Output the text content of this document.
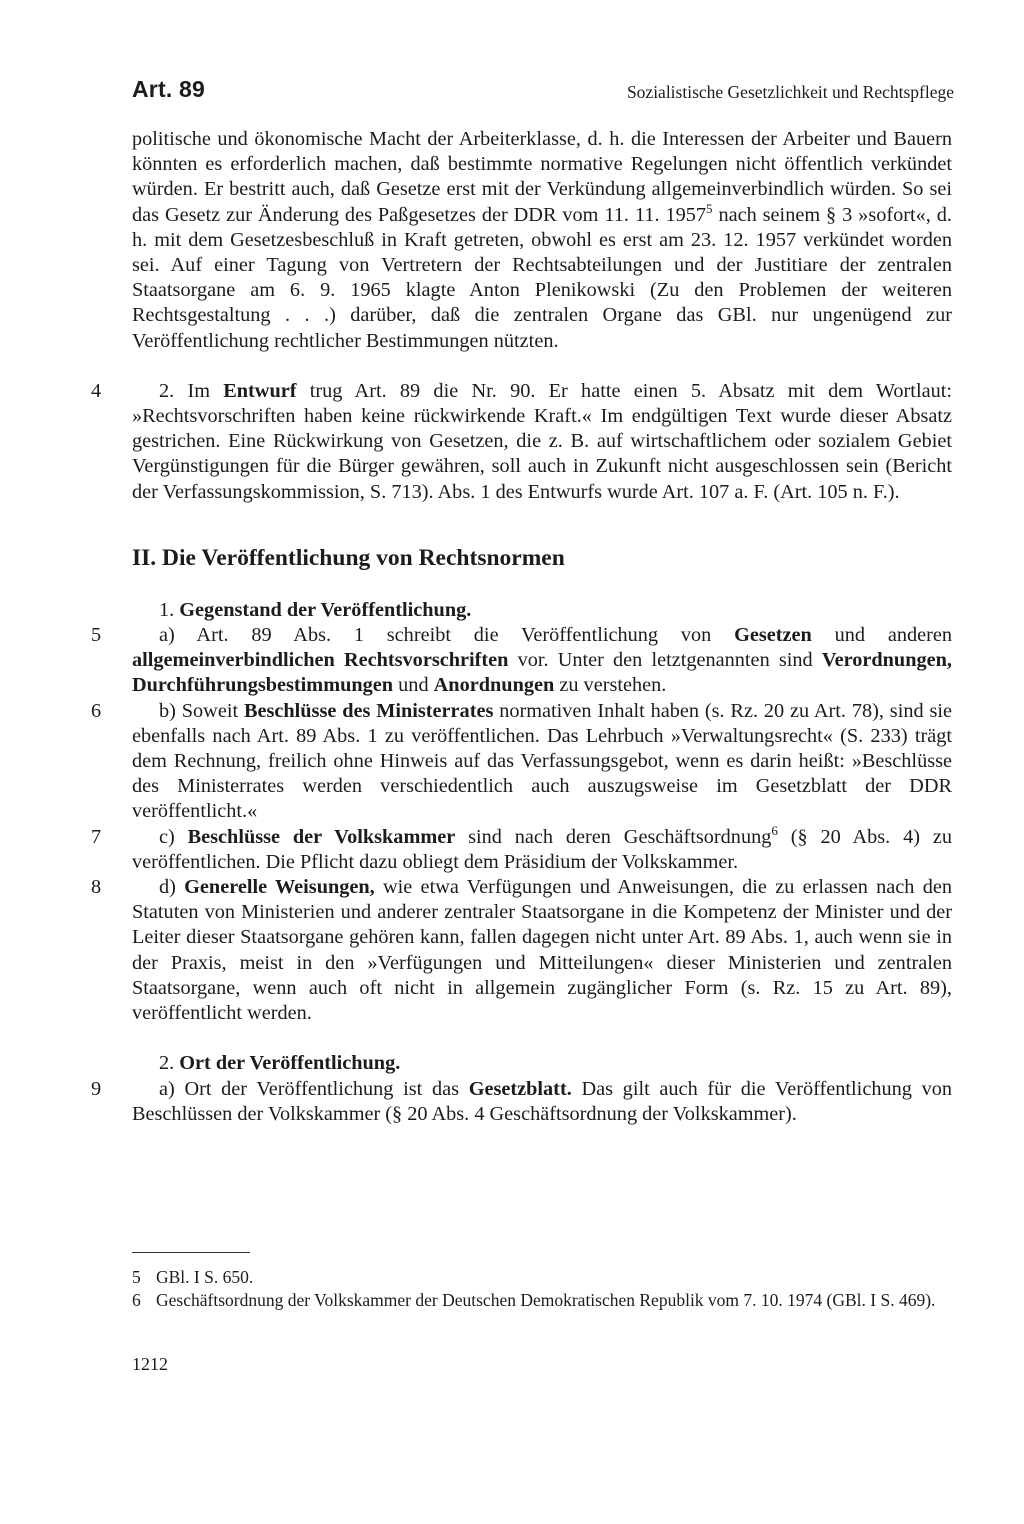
Art. 89	Sozialistische Gesetzlichkeit und Rechtspflege

politische und ökonomische Macht der Arbeiterklasse, d. h. die Interessen der Arbeiter und Bauern könnten es erforderlich machen, daß bestimmte normative Regelungen nicht öffentlich verkündet würden. Er bestritt auch, daß Gesetze erst mit der Verkündung allgemeinverbindlich würden. So sei das Gesetz zur Änderung des Paßgesetzes der DDR vom 11. 11. 1957$^5$ nach seinem § 3 »sofort«, d. h. mit dem Gesetzesbeschluß in Kraft getreten, obwohl es erst am 23. 12. 1957 verkündet worden sei. Auf einer Tagung von Vertretern der Rechtsabteilungen und der Justitiare der zentralen Staatsorgane am 6. 9. 1965 klagte Anton Plenikowski (Zu den Problemen der weiteren Rechtsgestaltung . . .) darüber, daß die zentralen Organe das GBl. nur ungenügend zur Veröffentlichung rechtlicher Bestimmungen nützten.

4	2. Im Entwurf trug Art. 89 die Nr. 90. Er hatte einen 5. Absatz mit dem Wortlaut: »Rechtsvorschriften haben keine rückwirkende Kraft.« Im endgültigen Text wurde dieser Absatz gestrichen. Eine Rückwirkung von Gesetzen, die z. B. auf wirtschaftlichem oder sozialem Gebiet Vergünstigungen für die Bürger gewähren, soll auch in Zukunft nicht ausgeschlossen sein (Bericht der Verfassungskommission, S. 713). Abs. 1 des Entwurfs wurde Art. 107 a. F. (Art. 105 n. F.).

II. Die Veröffentlichung von Rechtsnormen

1. Gegenstand der Veröffentlichung.

5	a) Art. 89 Abs. 1 schreibt die Veröffentlichung von Gesetzen und anderen allgemeinverbindlichen Rechtsvorschriften vor. Unter den letztgenannten sind Verordnungen, Durchführungsbestimmungen und Anordnungen zu verstehen.

6	b) Soweit Beschlüsse des Ministerrates normativen Inhalt haben (s. Rz. 20 zu Art. 78), sind sie ebenfalls nach Art. 89 Abs. 1 zu veröffentlichen. Das Lehrbuch »Verwaltungsrecht« (S. 233) trägt dem Rechnung, freilich ohne Hinweis auf das Verfassungsgebot, wenn es darin heißt: »Beschlüsse des Ministerrates werden verschiedentlich auch auszugsweise im Gesetzblatt der DDR veröffentlicht.«

7	c) Beschlüsse der Volkskammer sind nach deren Geschäftsordnung$^6$ (§ 20 Abs. 4) zu veröffentlichen. Die Pflicht dazu obliegt dem Präsidium der Volkskammer.

8	d) Generelle Weisungen, wie etwa Verfügungen und Anweisungen, die zu erlassen nach den Statuten von Ministerien und anderer zentraler Staatsorgane in die Kompetenz der Minister und der Leiter dieser Staatsorgane gehören kann, fallen dagegen nicht unter Art. 89 Abs. 1, auch wenn sie in der Praxis, meist in den »Verfügungen und Mitteilungen« dieser Ministerien und zentralen Staatsorgane, wenn auch oft nicht in allgemein zugänglicher Form (s. Rz. 15 zu Art. 89), veröffentlicht werden.

2. Ort der Veröffentlichung.

9	a) Ort der Veröffentlichung ist das Gesetzblatt. Das gilt auch für die Veröffentlichung von Beschlüssen der Volkskammer (§ 20 Abs. 4 Geschäftsordnung der Volkskammer).

5 GBl. I S. 650.

6 Geschäftsordnung der Volkskammer der Deutschen Demokratischen Republik vom 7. 10. 1974 (GBl. I S. 469).

1212
